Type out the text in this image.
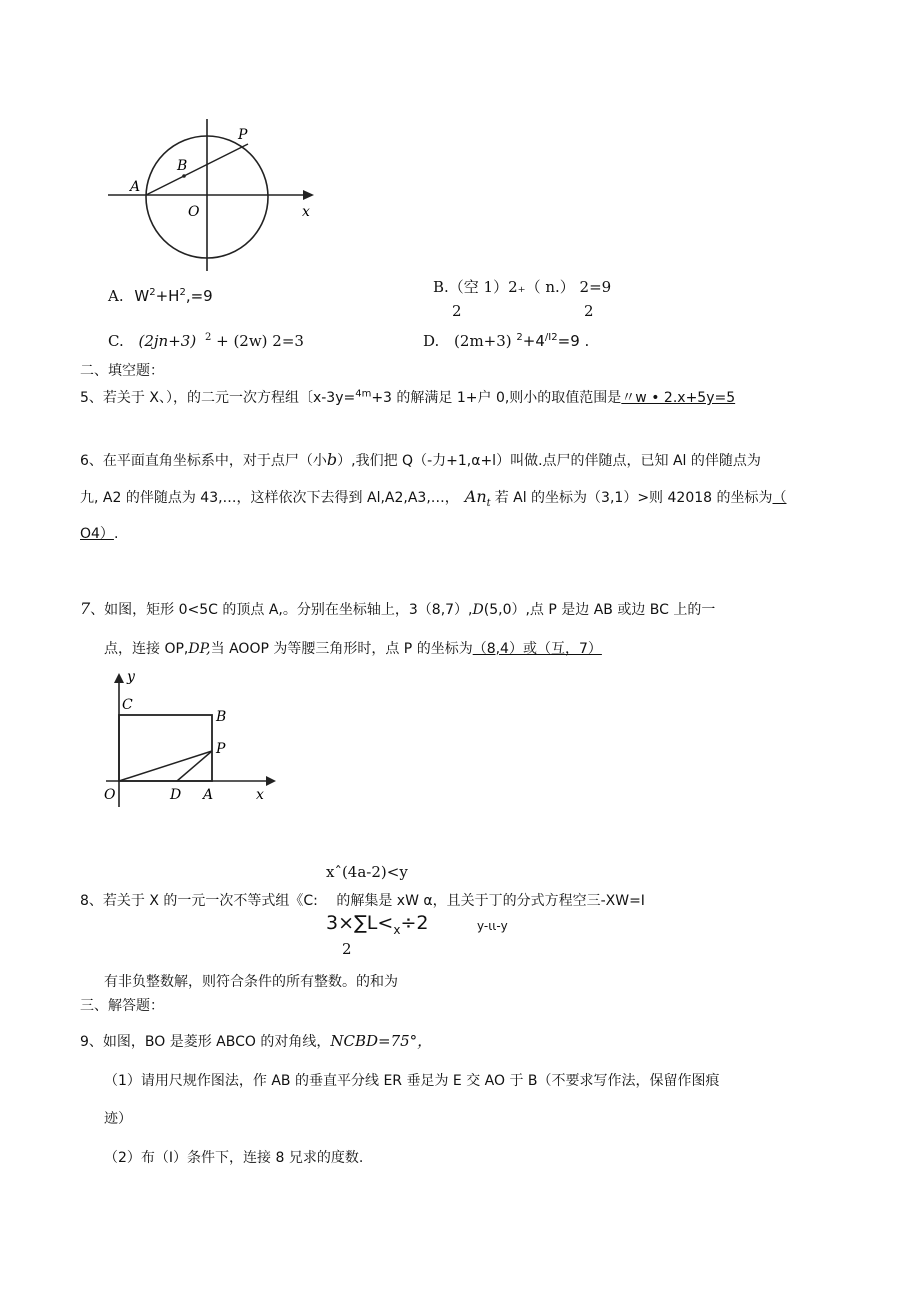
P
B
A
O	x
A. $W^2+H^2,=9$	B.（空 1）2₊（ n.） 2=9
2	2
C. (2jn+3) $^2$ + (2w) 2=3	D. (2m+3) $^2+4^{/I2}=9$ .
二、填空题：
5、若关于 X、），的二元一次方程组〔x-3y=$^{4m}$+3 的解满足 1+户 0,则小的取值范围是〃w • 2.x+5y=5
6、在平面直角坐标系中，对于点尸（小b）,我们把 Q（-力+1,α+l）叫做.点尸的伴随点，已知 Al 的伴随点为
九, A2 的伴随点为 43,…，这样依次下去得到 Al,A2,A3,…， $An_t$ 若 Al 的坐标为（3,1）>则 42018 的坐标为（
O4）.
7、如图，矩形 0<5C 的顶点 A,。分别在坐标轴上，3（8,7）,D(5,0）,点 P 是边 AB 或边 BC 上的一
点，连接 OP,DP,当 AOOP 为等腰三角形时，点 P 的坐标为（8,4）或（互，7）
y
C
B
P
O	D A	x
xˆ(4a-2)<y
8、若关于 X 的一元一次不等式组《C:　 的解集是 xW α，且关于丁的分式方程空三-XW=I
$3\times\sum L<_x\div 2$	y-ιι-y
2
有非负整数解，则符合条件的所有整数。的和为
三、解答题：
9、如图，BO 是菱形 ABCO 的对角线，NCBD=75°，
（1）请用尺规作图法，作 AB 的垂直平分线 ER 垂足为 E 交 AO 于 B（不要求写作法，保留作图痕
迹）
（2）布（I）条件下，连接 8 兄求的度数.
